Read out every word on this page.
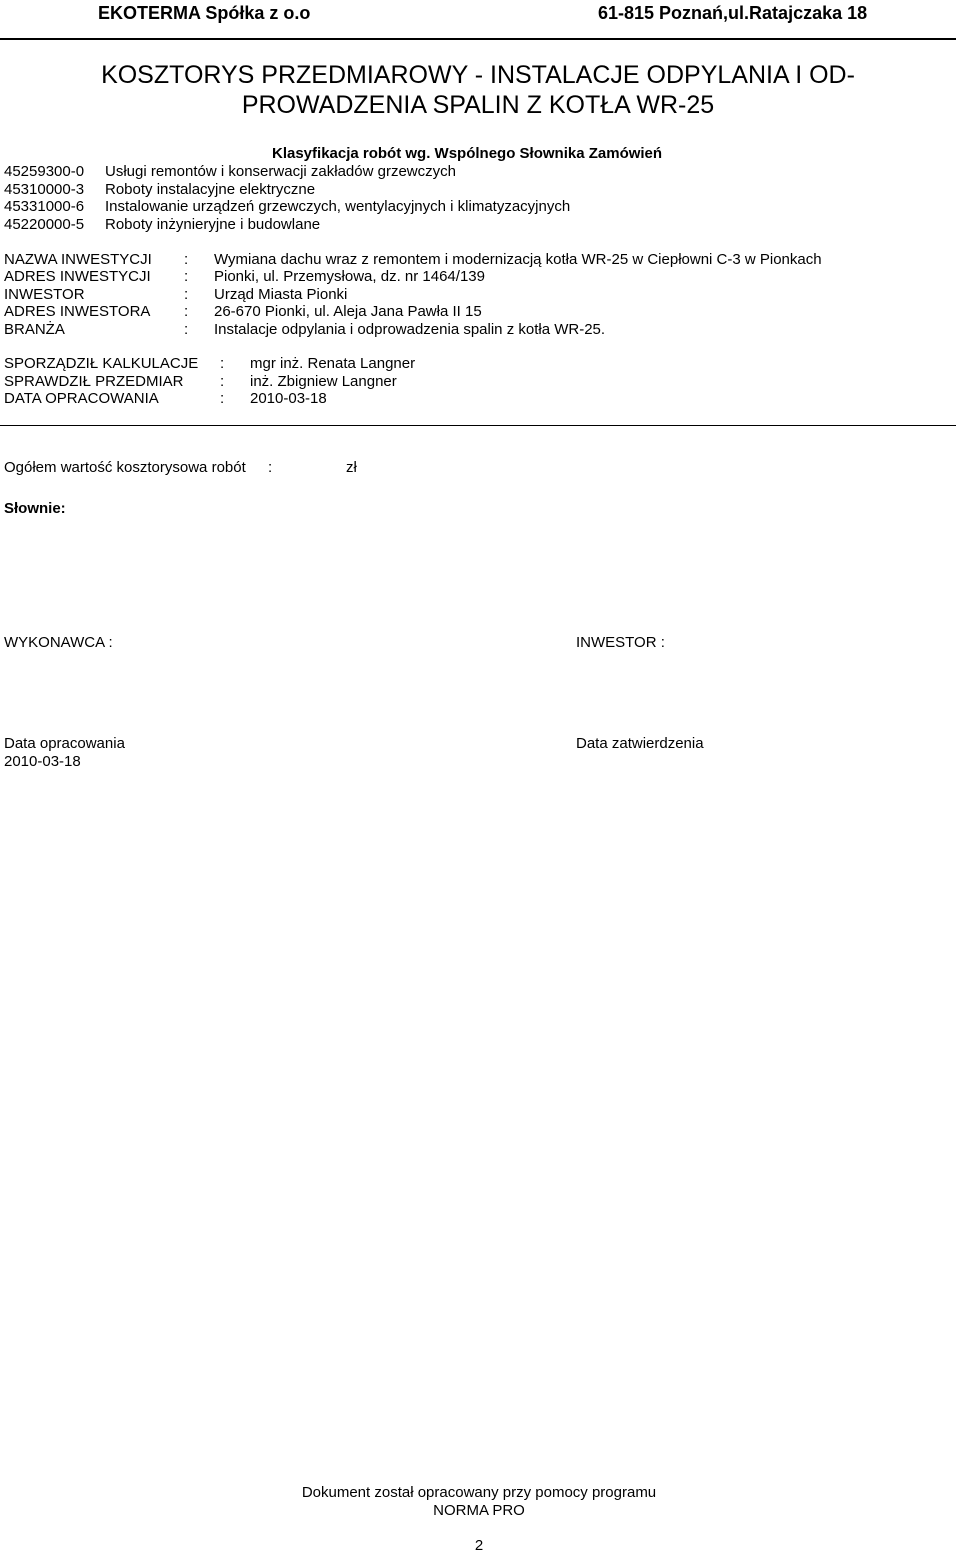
EKOTERMA Spółka z o.o	61-815 Poznań,ul.Ratajczaka 18
KOSZTORYS PRZEDMIAROWY - INSTALACJE ODPYLANIA I OD-
PROWADZENIA SPALIN Z KOTŁA WR-25
Klasyfikacja robót wg. Wspólnego Słownika Zamówień
45259300-0 Usługi remontów i konserwacji zakładów grzewczych
45310000-3 Roboty instalacyjne elektryczne
45331000-6 Instalowanie urządzeń grzewczych, wentylacyjnych i klimatyzacyjnych
45220000-5 Roboty inżynieryjne i budowlane
NAZWA INWESTYCJI : Wymiana dachu wraz z remontem i modernizacją kotła WR-25 w Ciepłowni C-3 w Pionkach
ADRES INWESTYCJI : Pionki, ul. Przemysłowa, dz. nr 1464/139
INWESTOR	: Urząd Miasta Pionki
ADRES INWESTORA : 26-670 Pionki, ul. Aleja Jana Pawła II 15
BRANŻA	: Instalacje odpylania i odprowadzenia spalin z kotła WR-25.
SPORZĄDZIŁ KALKULACJE : mgr inż. Renata Langner
SPRAWDZIŁ PRZEDMIAR : inż. Zbigniew Langner
DATA OPRACOWANIA	: 2010-03-18
Ogółem wartość kosztorysowa robót :	zł
Słownie:
WYKONAWCA :	INWESTOR :
Data opracowania
2010-03-18
Data zatwierdzenia
Dokument został opracowany przy pomocy programu
NORMA PRO
2
